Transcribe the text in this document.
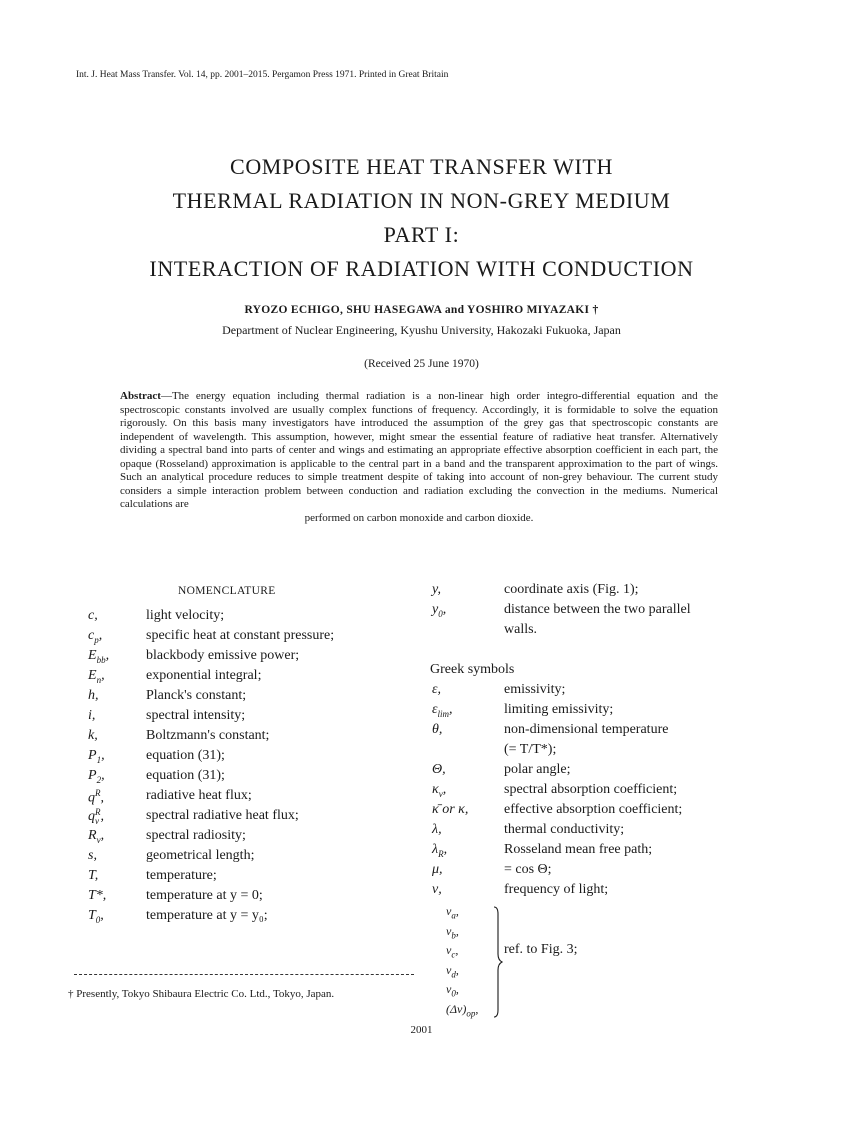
Int. J. Heat Mass Transfer. Vol. 14, pp. 2001–2015. Pergamon Press 1971. Printed in Great Britain
COMPOSITE HEAT TRANSFER WITH
THERMAL RADIATION IN NON-GREY MEDIUM
PART I:
INTERACTION OF RADIATION WITH CONDUCTION
RYOZO ECHIGO, SHU HASEGAWA and YOSHIRO MIYAZAKI †
Department of Nuclear Engineering, Kyushu University, Hakozaki Fukuoka, Japan
(Received 25 June 1970)
Abstract—The energy equation including thermal radiation is a non-linear high order integro-differential equation and the spectroscopic constants involved are usually complex functions of frequency. Accordingly, it is formidable to solve the equation rigorously. On this basis many investigators have introduced the assumption of the grey gas that spectroscopic constants are independent of wavelength. This assumption, however, might smear the essential feature of radiative heat transfer. Alternatively dividing a spectral band into parts of center and wings and estimating an appropriate effective absorption coefficient in each part, the opaque (Rosseland) approximation is applicable to the central part in a band and the transparent approximation to the part of wings. Such an analytical procedure reduces to simple treatment despite of taking into account of non-grey behaviour. The current study considers a simple interaction problem between conduction and radiation excluding the convection in the mediums. Numerical calculations are
performed on carbon monoxide and carbon dioxide.
NOMENCLATURE
c,	light velocity;
$c_p$,	specific heat at constant pressure;
$E_{bb}$,	blackbody emissive power;
$E_n$,	exponential integral;
h,	Planck's constant;
i,	spectral intensity;
k,	Boltzmann's constant;
$P_1$,	equation (31);
$P_2$,	equation (31);
$q^R$,	radiative heat flux;
q R
ν ,	spectral radiative heat flux;
$R_\nu$,	spectral radiosity;
s,	geometrical length;
T,	temperature;
T*,	temperature at y = 0;
$T_0$,	temperature at y = y₀;
y,	coordinate axis (Fig. 1);
$y_0$,	distance between the two parallel
walls.
Greek symbols
ε,	emissivity;
$\varepsilon_{lim}$,	limiting emissivity;
θ,	non-dimensional temperature
(= T/T*);
Θ,	polar angle;
$\kappa_\nu$,	spectral absorption coefficient;
κ̄ or κ,	effective absorption coefficient;
λ,	thermal conductivity;
$\lambda_R$,	Rosseland mean free path;
μ,	= cos Θ;
ν,	frequency of light;
$\nu_a$,
$\nu_b$,
$\nu_c$,
$\nu_d$,
$\nu_0$,
$(\Delta\nu)_{op}$,
ref. to Fig. 3;
† Presently, Tokyo Shibaura Electric Co. Ltd., Tokyo, Japan.
2001
